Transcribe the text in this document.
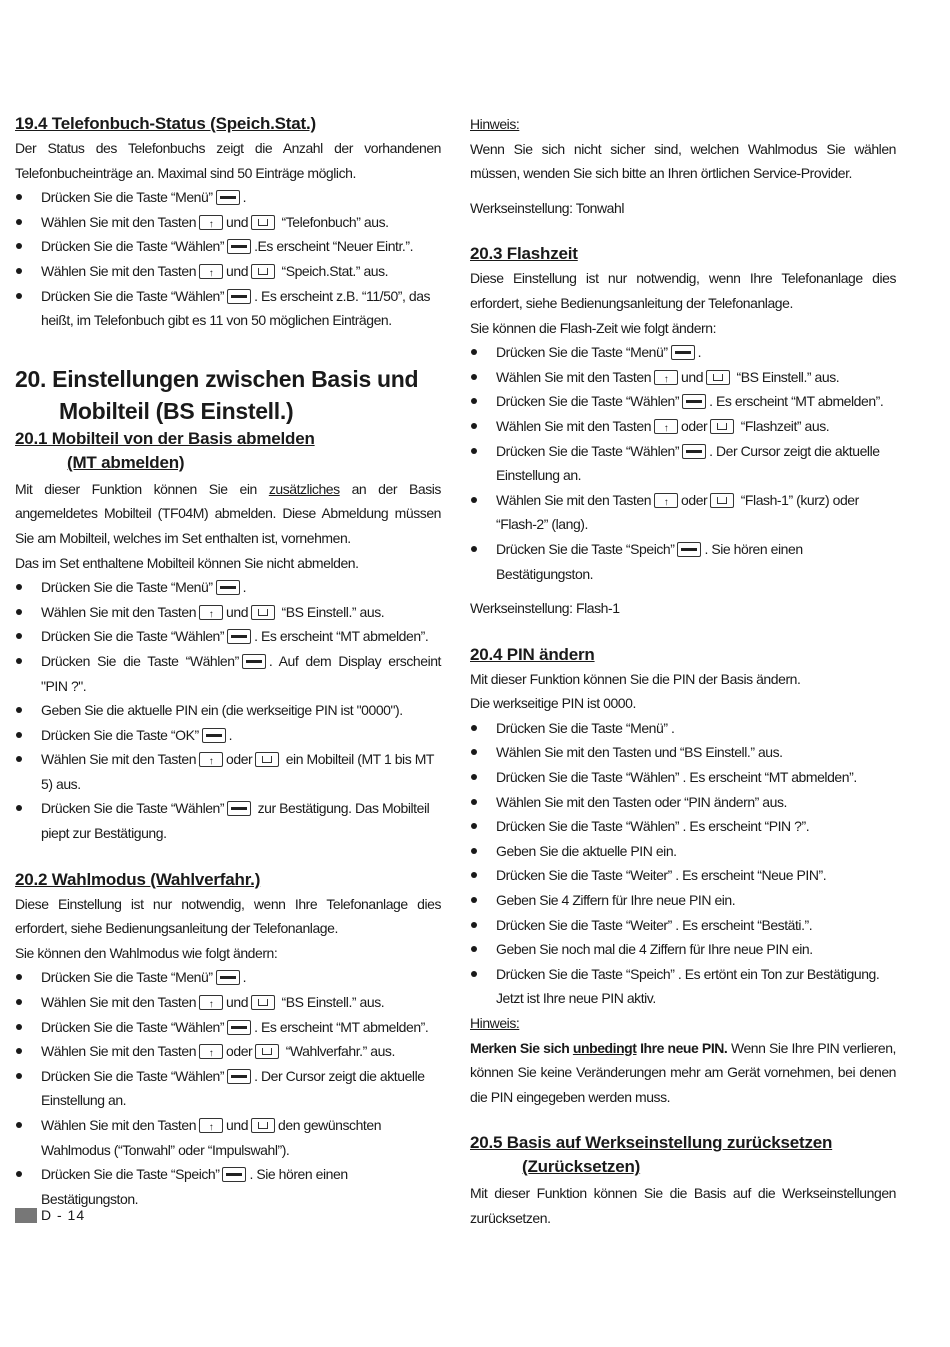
19.4 Telefonbuch-Status (Speich.Stat.)

Der Status des Telefonbuchs zeigt die Anzahl der vorhandenen Telefonbucheinträge an. Maximal sind 50 Einträge möglich.

Drücken Sie die Taste “Menü” .
Wählen Sie mit den Tasten ↑ und “Telefonbuch” aus.
Drücken Sie die Taste “Wählen” .Es erscheint “Neuer Eintr.”.
Wählen Sie mit den Tasten ↑ und “Speich.Stat.” aus.
Drücken Sie die Taste “Wählen” . Es erscheint z.B. “11/50”, das heißt, im Telefonbuch gibt es 11 von 50 möglichen Einträgen.

20. Einstellungen zwischen Basis und
Mobilteil (BS Einstell.)

20.1 Mobilteil von der Basis abmelden
(MT abmelden)

Mit dieser Funktion können Sie ein zusätzliches an der Basis angemeldetes Mobilteil (TF04M) abmelden. Diese Abmeldung müssen Sie am Mobilteil, welches im Set enthalten ist, vornehmen.

Das im Set enthaltene Mobilteil können Sie nicht abmelden.

Drücken Sie die Taste “Menü” .
Wählen Sie mit den Tasten ↑ und “BS Einstell.” aus.
Drücken Sie die Taste “Wählen” . Es erscheint “MT abmelden”.
Drücken Sie die Taste “Wählen” . Auf dem Display erscheint "PIN ?".
Geben Sie die aktuelle PIN ein (die werkseitige PIN ist "0000").
Drücken Sie die Taste “OK” .
Wählen Sie mit den Tasten ↑ oder ein Mobilteil (MT 1 bis MT 5) aus.
Drücken Sie die Taste “Wählen” zur Bestätigung. Das Mobilteil piept zur Bestätigung.

20.2 Wahlmodus (Wahlverfahr.)

Diese Einstellung ist nur notwendig, wenn Ihre Telefonanlage dies erfordert, siehe Bedienungsanleitung der Telefonanlage.

Sie können den Wahlmodus wie folgt ändern:

Drücken Sie die Taste “Menü” .
Wählen Sie mit den Tasten ↑ und “BS Einstell.” aus.
Drücken Sie die Taste “Wählen” . Es erscheint “MT abmelden”.
Wählen Sie mit den Tasten ↑ oder “Wahlverfahr.” aus.
Drücken Sie die Taste “Wählen” . Der Cursor zeigt die aktuelle Einstellung an.
Wählen Sie mit den Tasten ↑ und den gewünschten Wahlmodus (“Tonwahl” oder “Impulswahl”).
Drücken Sie die Taste “Speich” . Sie hören einen Bestätigungston.

Hinweis:

Wenn Sie sich nicht sicher sind, welchen Wahlmodus Sie wählen müssen, wenden Sie sich bitte an Ihren örtlichen Service-Provider.

Werkseinstellung: Tonwahl

20.3 Flashzeit

Diese Einstellung ist nur notwendig, wenn Ihre Telefonanlage dies erfordert, siehe Bedienungsanleitung der Telefonanlage.

Sie können die Flash-Zeit wie folgt ändern:

Drücken Sie die Taste “Menü” .
Wählen Sie mit den Tasten ↑ und “BS Einstell.” aus.
Drücken Sie die Taste “Wählen” . Es erscheint “MT abmelden”.
Wählen Sie mit den Tasten ↑ oder “Flashzeit” aus.
Drücken Sie die Taste “Wählen” . Der Cursor zeigt die aktuelle Einstellung an.
Wählen Sie mit den Tasten ↑ oder “Flash-1” (kurz) oder “Flash-2” (lang).
Drücken Sie die Taste “Speich” . Sie hören einen Bestätigungston.

Werkseinstellung: Flash-1

20.4 PIN ändern

Mit dieser Funktion können Sie die PIN der Basis ändern.

Die werkseitige PIN ist 0000.

Drücken Sie die Taste “Menü” .
Wählen Sie mit den Tasten und “BS Einstell.” aus.
Drücken Sie die Taste “Wählen” . Es erscheint “MT abmelden”.
Wählen Sie mit den Tasten oder “PIN ändern” aus.
Drücken Sie die Taste “Wählen” . Es erscheint “PIN ?”.
Geben Sie die aktuelle PIN ein.
Drücken Sie die Taste “Weiter” . Es erscheint “Neue PIN”.
Geben Sie 4 Ziffern für Ihre neue PIN ein.
Drücken Sie die Taste “Weiter” . Es erscheint “Bestäti.”.
Geben Sie noch mal die 4 Ziffern für Ihre neue PIN ein.
Drücken Sie die Taste “Speich” . Es ertönt ein Ton zur Bestätigung. Jetzt ist Ihre neue PIN aktiv.

Hinweis:

Merken Sie sich unbedingt Ihre neue PIN. Wenn Sie Ihre PIN verlieren, können Sie keine Veränderungen mehr am Gerät vornehmen, bei denen die PIN eingegeben werden muss.

20.5 Basis auf Werkseinstellung zurücksetzen
(Zurücksetzen)

Mit dieser Funktion können Sie die Basis auf die Werkseinstellungen zurücksetzen.

D - 14
